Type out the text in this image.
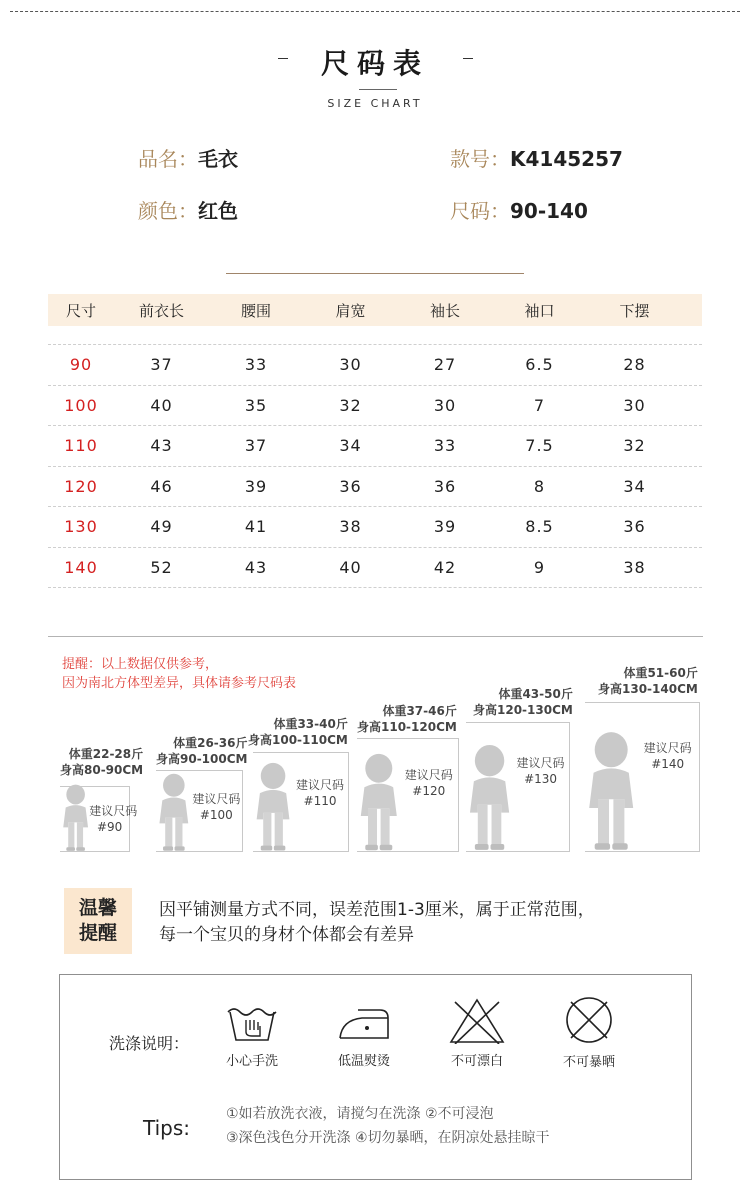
尺码表
SIZE CHART
品名：毛衣	款号：K4145257
颜色：红色	尺码：90-140
尺寸	前衣长	腰围	肩宽	袖长	袖口	下摆
90	37	33	30	27	6.5	28
100	40	35	32	30	7	30
110	43	37	34	33	7.5	32
120	46	39	36	36	8	34
130	49	41	38	39	8.5	36
140	52	43	40	42	9	38
提醒：以上数据仅供参考，
因为南北方体型差异，具体请参考尺码表
体重22-28斤
身高80-90CM
建议尺码
#90
体重26-36斤
身高90-100CM
建议尺码
#100
体重33-40斤
身高100-110CM
建议尺码
#110
体重37-46斤
身高110-120CM
建议尺码
#120
体重43-50斤
身高120-130CM
建议尺码
#130
体重51-60斤
身高130-140CM
建议尺码
#140
温馨
提醒
因平铺测量方式不同，误差范围1-3厘米，属于正常范围，
每一个宝贝的身材个体都会有差异
洗涤说明：
小心手洗	低温熨烫	不可漂白	不可暴晒
Tips:
①如若放洗衣液，请搅匀在洗涤 ②不可浸泡
③深色浅色分开洗涤 ④切勿暴晒，在阴凉处悬挂晾干
